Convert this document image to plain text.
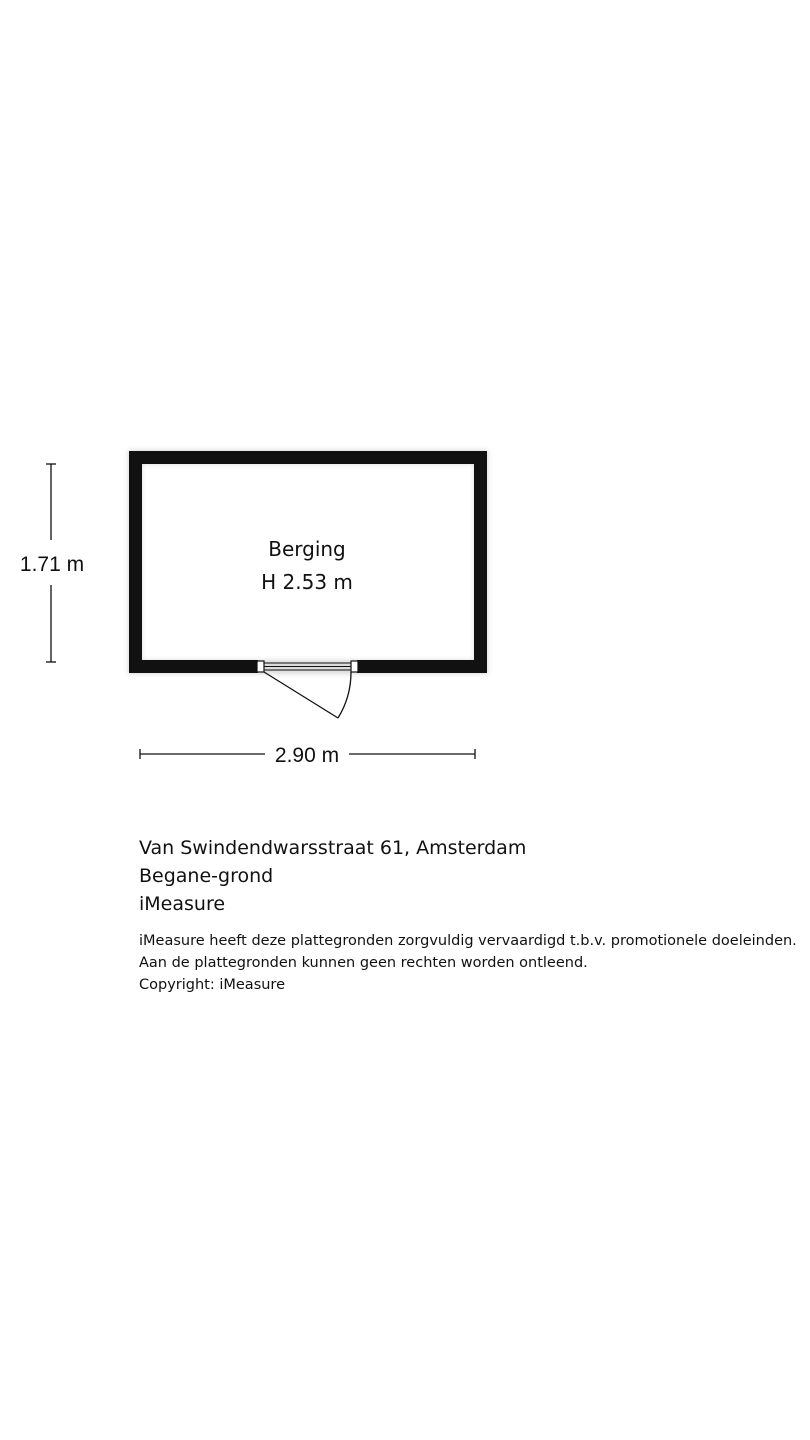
Berging
H 2.53 m
1.71 m
2.90 m
Van Swindendwarsstraat 61, Amsterdam
Begane-grond
iMeasure
iMeasure heeft deze plattegronden zorgvuldig vervaardigd t.b.v. promotionele doeleinden.
Aan de plattegronden kunnen geen rechten worden ontleend.
Copyright: iMeasure
